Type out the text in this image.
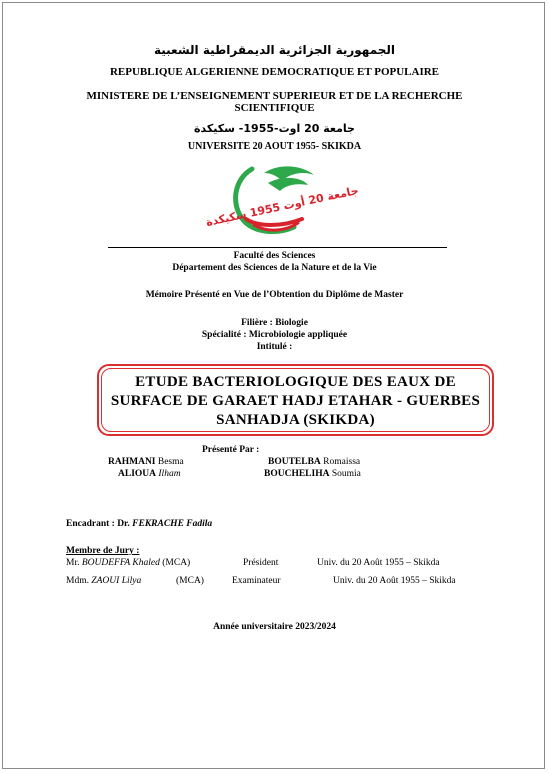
الجمهورية الجزائرية الديمقراطية الشعبية
REPUBLIQUE ALGERIENNE DEMOCRATIQUE ET POPULAIRE
MINISTERE DE L’ENSEIGNEMENT SUPERIEUR ET DE LA RECHERCHE
SCIENTIFIQUE
جامعة 20 اوت-1955- سكيكدة
UNIVERSITE 20 AOUT 1955- SKIKDA
جامعة 20 أوت 1955 سكيكدة
Faculté des Sciences
Département des Sciences de la Nature et de la Vie
Mémoire Présenté en Vue de l’Obtention du Diplôme de Master
Filière : Biologie
Spécialité : Microbiologie appliquée
Intitulé :
ETUDE BACTERIOLOGIQUE DES EAUX DE
SURFACE DE GARAET HADJ ETAHAR - GUERBES
SANHADJA (SKIKDA)
Présenté Par :
RAHMANI Besma	BOUTELBA Romaissa
ALIOUA Ilham	BOUCHELIHA Soumia
Encadrant : Dr. FEKRACHE Fadila
Membre de Jury :
Mr. BOUDEFFA Khaled (MCA)	Président	Univ. du 20 Août 1955 – Skikda
Mdm. ZAOUI Lilya	(MCA)	Examinateur	Univ. du 20 Août 1955 – Skikda
Année universitaire 2023/2024
